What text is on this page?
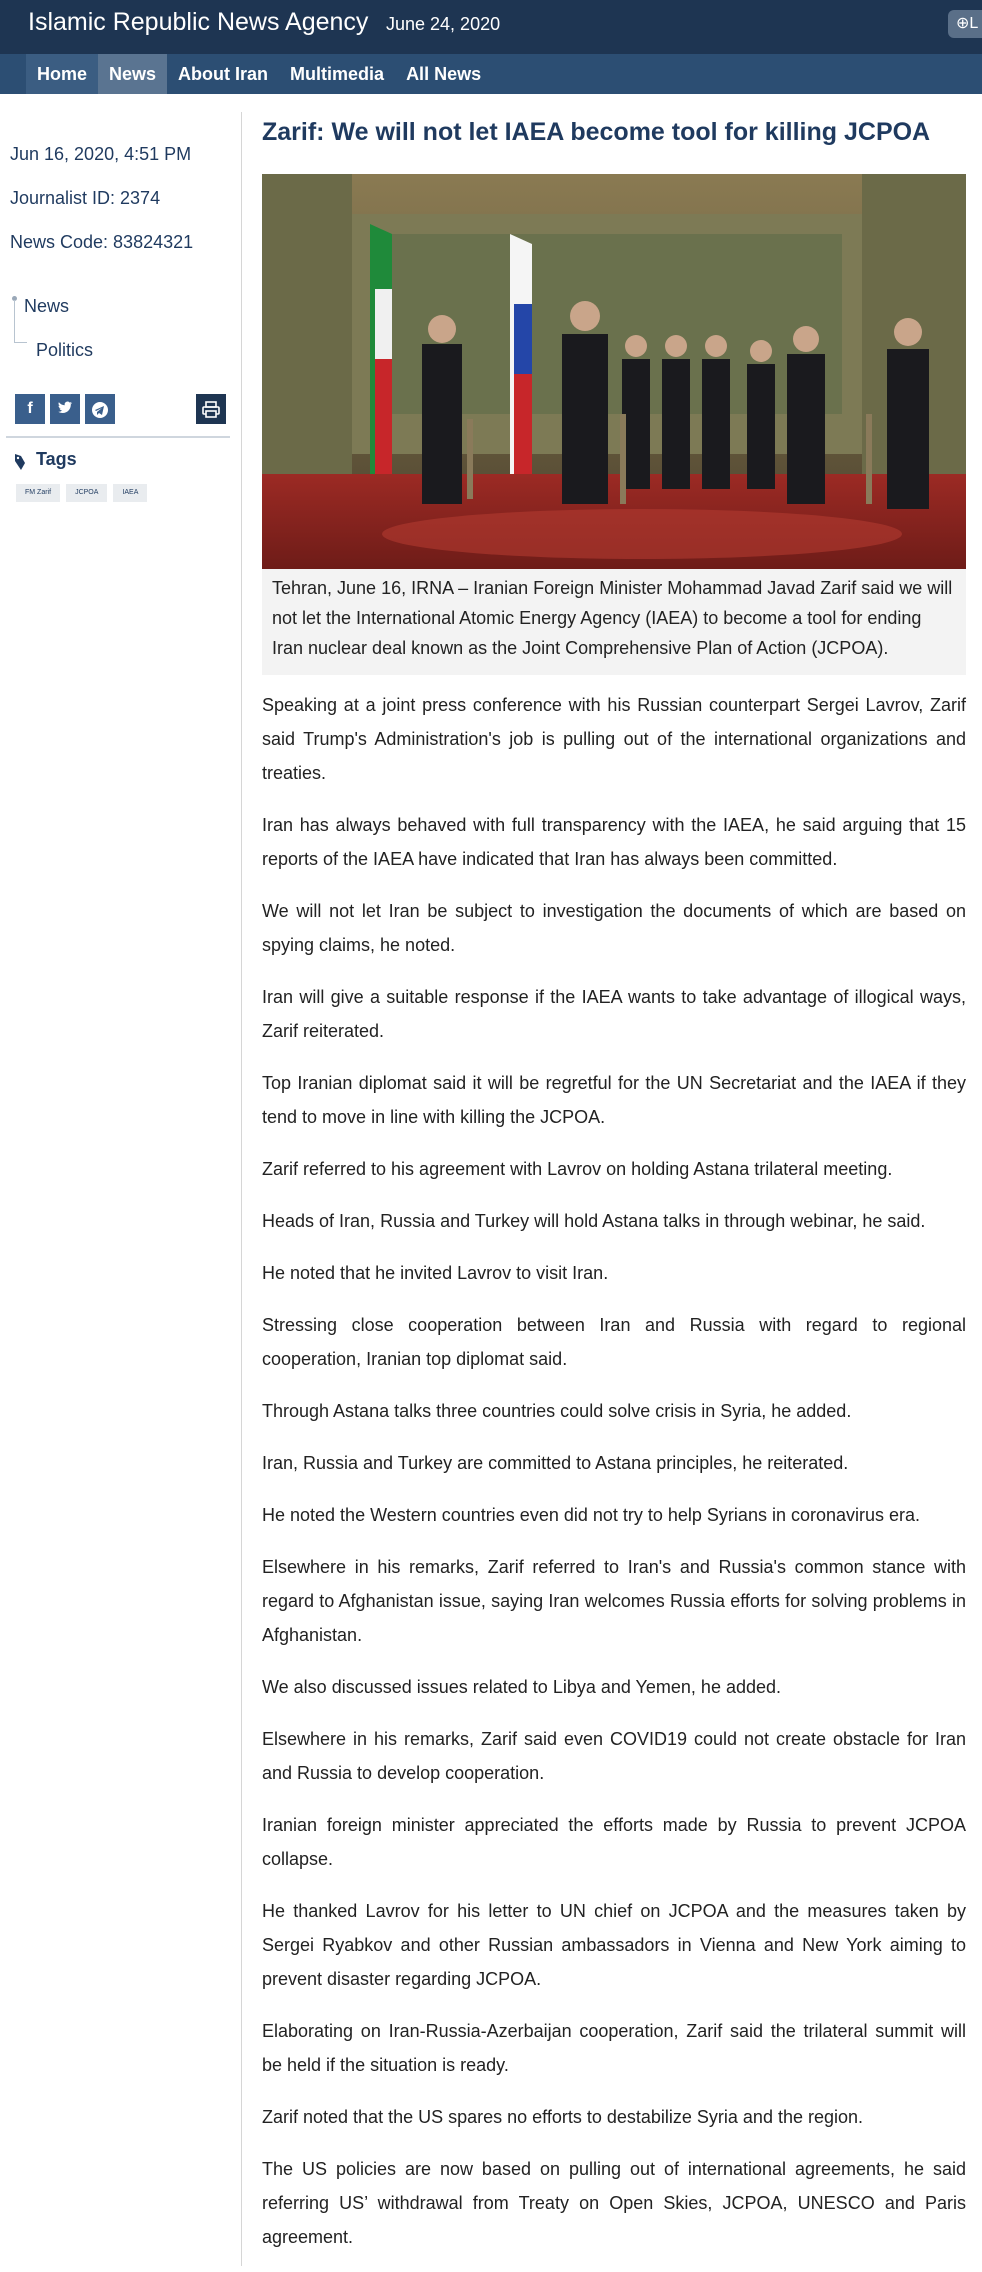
Islamic Republic News Agency June 24, 2020	⊕L
Home	News	About Iran	Multimedia	All News
Jun 16, 2020, 4:51 PM
Journalist ID: 2374
News Code: 83824321
News
Politics
f
Tags
FM Zarif	JCPOA	IAEA
Zarif: We will not let IAEA become tool for killing JCPOA
Tehran, June 16, IRNA – Iranian Foreign Minister Mohammad Javad Zarif said we will not let the International Atomic Energy Agency (IAEA) to become a tool for ending Iran nuclear deal known as the Joint Comprehensive Plan of Action (JCPOA).

Speaking at a joint press conference with his Russian counterpart Sergei Lavrov, Zarif said Trump's Administration's job is pulling out of the international organizations and treaties.

Iran has always behaved with full transparency with the IAEA, he said arguing that 15 reports of the IAEA have indicated that Iran has always been committed.

We will not let Iran be subject to investigation the documents of which are based on spying claims, he noted.

Iran will give a suitable response if the IAEA wants to take advantage of illogical ways, Zarif reiterated.

Top Iranian diplomat said it will be regretful for the UN Secretariat and the IAEA if they tend to move in line with killing the JCPOA.

Zarif referred to his agreement with Lavrov on holding Astana trilateral meeting.

Heads of Iran, Russia and Turkey will hold Astana talks in through webinar, he said.

He noted that he invited Lavrov to visit Iran.

Stressing close cooperation between Iran and Russia with regard to regional cooperation, Iranian top diplomat said.

Through Astana talks three countries could solve crisis in Syria, he added.

Iran, Russia and Turkey are committed to Astana principles, he reiterated.

He noted the Western countries even did not try to help Syrians in coronavirus era.

Elsewhere in his remarks, Zarif referred to Iran's and Russia's common stance with regard to Afghanistan issue, saying Iran welcomes Russia efforts for solving problems in Afghanistan.

We also discussed issues related to Libya and Yemen, he added.

Elsewhere in his remarks, Zarif said even COVID19 could not create obstacle for Iran and Russia to develop cooperation.

Iranian foreign minister appreciated the efforts made by Russia to prevent JCPOA collapse.

He thanked Lavrov for his letter to UN chief on JCPOA and the measures taken by Sergei Ryabkov and other Russian ambassadors in Vienna and New York aiming to prevent disaster regarding JCPOA.

Elaborating on Iran-Russia-Azerbaijan cooperation, Zarif said the trilateral summit will be held if the situation is ready.

Zarif noted that the US spares no efforts to destabilize Syria and the region.

The US policies are now based on pulling out of international agreements, he said referring US’ withdrawal from Treaty on Open Skies, JCPOA, UNESCO and Paris agreement.
